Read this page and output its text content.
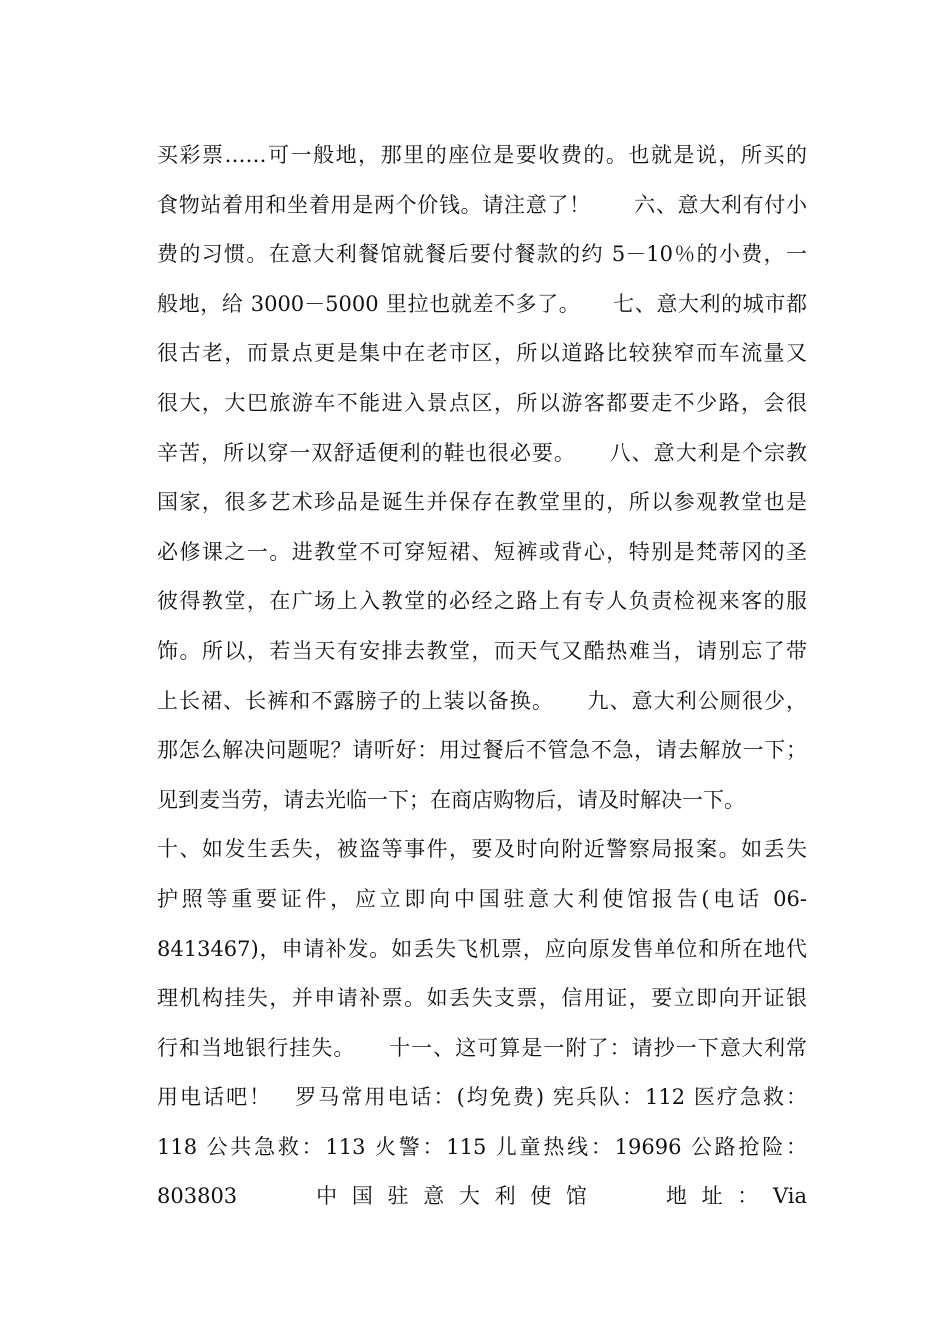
买彩票……可一般地，那里的座位是要收费的。也就是说，所买的
食物站着用和坐着用是两个价钱。请注意了！　　六、意大利有付小
费的习惯。在意大利餐馆就餐后要付餐款的约 5－10％的小费，一
般地，给 3000－5000 里拉也就差不多了。　　七、意大利的城市都
很古老，而景点更是集中在老市区，所以道路比较狭窄而车流量又
很大，大巴旅游车不能进入景点区，所以游客都要走不少路，会很
辛苦，所以穿一双舒适便利的鞋也很必要。　　八、意大利是个宗教
国家，很多艺术珍品是诞生并保存在教堂里的，所以参观教堂也是
必修课之一。进教堂不可穿短裙、短裤或背心，特别是梵蒂冈的圣
彼得教堂，在广场上入教堂的必经之路上有专人负责检视来客的服
饰。所以，若当天有安排去教堂，而天气又酷热难当，请别忘了带
上长裙、长裤和不露膀子的上装以备换。　　九、意大利公厕很少，
那怎么解决问题呢？请听好：用过餐后不管急不急，请去解放一下；
见到麦当劳，请去光临一下；在商店购物后，请及时解决一下。
十、如发生丢失，被盗等事件，要及时向附近警察局报案。如丢失
护照等重要证件，应立即向中国驻意大利使馆报告(电话 06-
8413467)，申请补发。如丢失飞机票，应向原发售单位和所在地代
理机构挂失，并申请补票。如丢失支票，信用证，要立即向开证银
行和当地银行挂失。　　十一、这可算是一附了：请抄一下意大利常
用电话吧！　罗马常用电话：(均免费) 宪兵队：112 医疗急救：
118 公共急救：113 火警：115 儿童热线：19696 公路抢险：
803803　　　中 国 驻 意 大 利 使 馆　　　地 址 ： Via
